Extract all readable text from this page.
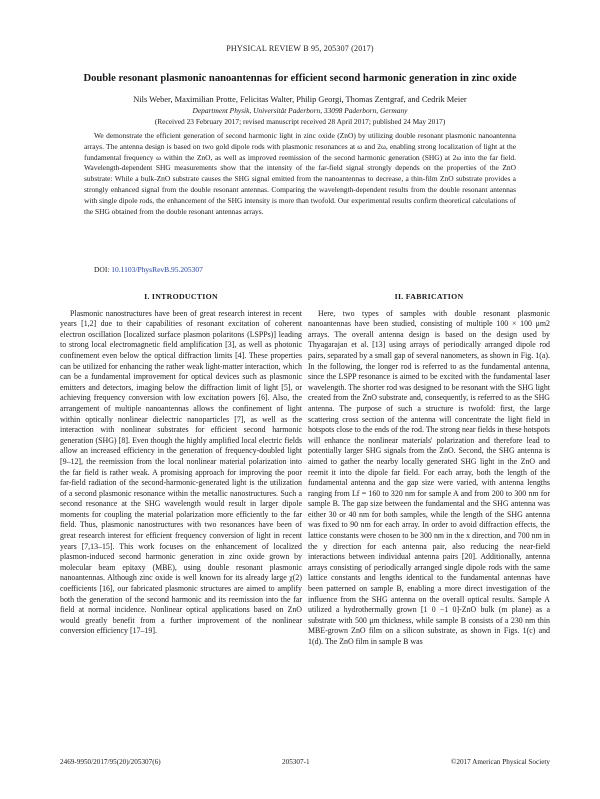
PHYSICAL REVIEW B 95, 205307 (2017)
Double resonant plasmonic nanoantennas for efficient second harmonic generation in zinc oxide
Nils Weber, Maximilian Protte, Felicitas Walter, Philip Georgi, Thomas Zentgraf, and Cedrik Meier
Department Physik, Universität Paderborn, 33098 Paderborn, Germany
(Received 23 February 2017; revised manuscript received 28 April 2017; published 24 May 2017)
We demonstrate the efficient generation of second harmonic light in zinc oxide (ZnO) by utilizing double resonant plasmonic nanoantenna arrays. The antenna design is based on two gold dipole rods with plasmonic resonances at ω and 2ω, enabling strong localization of light at the fundamental frequency ω within the ZnO, as well as improved reemission of the second harmonic generation (SHG) at 2ω into the far field. Wavelength-dependent SHG measurements show that the intensity of the far-field signal strongly depends on the properties of the ZnO substrate: While a bulk-ZnO substrate causes the SHG signal emitted from the nanoantennas to decrease, a thin-film ZnO substrate provides a strongly enhanced signal from the double resonant antennas. Comparing the wavelength-dependent results from the double resonant antennas with single dipole rods, the enhancement of the SHG intensity is more than twofold. Our experimental results confirm theoretical calculations of the SHG obtained from the double resonant antennas arrays.
DOI: 10.1103/PhysRevB.95.205307
I. INTRODUCTION

Plasmonic nanostructures have been of great research interest in recent years [1,2] due to their capabilities of resonant excitation of coherent electron oscillation [localized surface plasmon polaritons (LSPPs)] leading to strong local electromagnetic field amplification [3], as well as photonic confinement even below the optical diffraction limits [4]. These properties can be utilized for enhancing the rather weak light-matter interaction, which can be a fundamental improvement for optical devices such as plasmonic emitters and detectors, imaging below the diffraction limit of light [5], or achieving frequency conversion with low excitation powers [6]. Also, the arrangement of multiple nanoantennas allows the confinement of light within optically nonlinear dielectric nanoparticles [7], as well as the interaction with nonlinear substrates for efficient second harmonic generation (SHG) [8]. Even though the highly amplified local electric fields allow an increased efficiency in the generation of frequency-doubled light [9–12], the reemission from the local nonlinear material polarization into the far field is rather weak. A promising approach for improving the poor far-field radiation of the second-harmonic-generated light is the utilization of a second plasmonic resonance within the metallic nanostructures. Such a second resonance at the SHG wavelength would result in larger dipole moments for coupling the material polarization more efficiently to the far field. Thus, plasmonic nanostructures with two resonances have been of great research interest for efficient frequency conversion of light in recent years [7,13–15]. This work focuses on the enhancement of localized plasmon-induced second harmonic generation in zinc oxide grown by molecular beam epitaxy (MBE), using double resonant plasmonic nanoantennas. Although zinc oxide is well known for its already large χ(2) coefficients [16], our fabricated plasmonic structures are aimed to amplify both the generation of the second harmonic and its reemission into the far field at normal incidence. Nonlinear optical applications based on ZnO would greatly benefit from a further improvement of the nonlinear conversion efficiency [17–19].

II. FABRICATION

Here, two types of samples with double resonant plasmonic nanoantennas have been studied, consisting of multiple 100 × 100 μm2 arrays. The overall antenna design is based on the design used by Thyagarajan et al. [13] using arrays of periodically arranged dipole rod pairs, separated by a small gap of several nanometers, as shown in Fig. 1(a). In the following, the longer rod is referred to as the fundamental antenna, since the LSPP resonance is aimed to be excited with the fundamental laser wavelength. The shorter rod was designed to be resonant with the SHG light created from the ZnO substrate and, consequently, is referred to as the SHG antenna. The purpose of such a structure is twofold: first, the large scattering cross section of the antenna will concentrate the light field in hotspots close to the ends of the rod. The strong near fields in these hotspots will enhance the nonlinear materials' polarization and therefore lead to potentially larger SHG signals from the ZnO. Second, the SHG antenna is aimed to gather the nearby locally generated SHG light in the ZnO and reemit it into the dipole far field. For each array, both the length of the fundamental antenna and the gap size were varied, with antenna lengths ranging from Lf = 160 to 320 nm for sample A and from 200 to 300 nm for sample B. The gap size between the fundamental and the SHG antenna was either 30 or 40 nm for both samples, while the length of the SHG antenna was fixed to 90 nm for each array. In order to avoid diffraction effects, the lattice constants were chosen to be 300 nm in the x direction, and 700 nm in the y direction for each antenna pair, also reducing the near-field interactions between individual antenna pairs [20]. Additionally, antenna arrays consisting of periodically arranged single dipole rods with the same lattice constants and lengths identical to the fundamental antennas have been patterned on sample B, enabling a more direct investigation of the influence from the SHG antenna on the overall optical results. Sample A utilized a hydrothermally grown [1 0 −1 0]-ZnO bulk (m plane) as a substrate with 500 μm thickness, while sample B consists of a 230 nm thin MBE-grown ZnO film on a silicon substrate, as shown in Figs. 1(c) and 1(d). The ZnO film in sample B was

2469-9950/2017/95(20)/205307(6)	205307-1	©2017 American Physical Society
